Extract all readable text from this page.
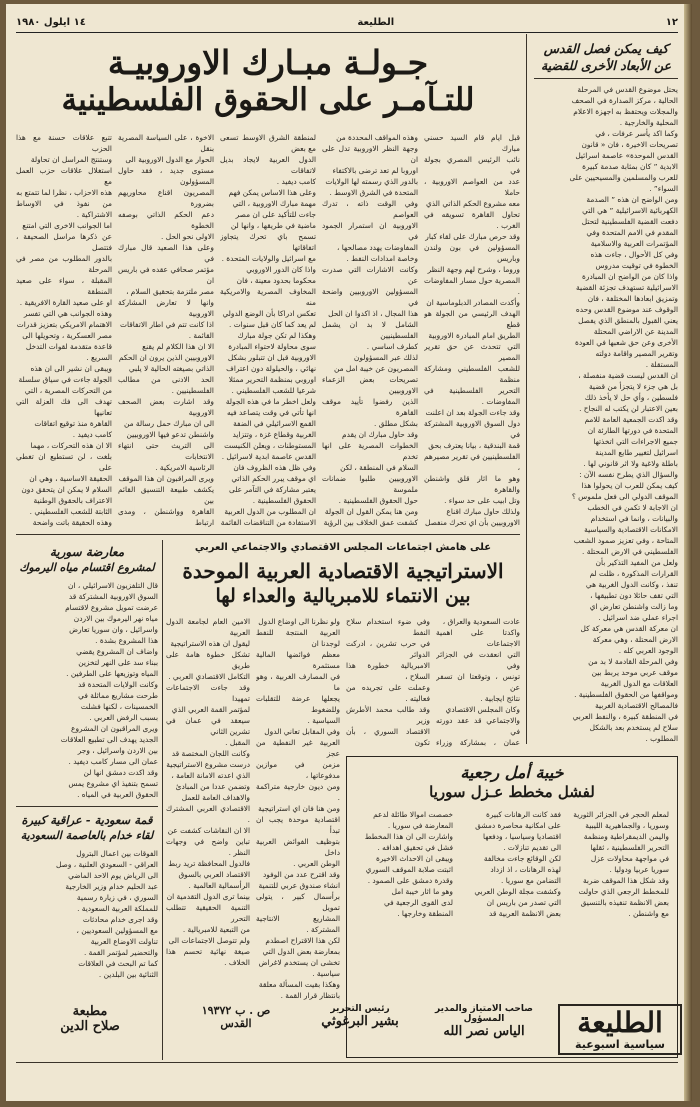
١٢
الطليعة
١٤ ايلول ١٩٨٠
كيف يمكن فصل القدس
عن الأبعاد الأخرى للقضية
يحتل موضوع القدس في المرحلة
الحالية ، مركز الصدارة في الصحف
والمجلات ويحتفظ به اجهزة الاعلام
المحلية والخارجية .
وكما اكد يأسر عرفات ، في
تصريحات الاخيرة ، فان « قانون
القدس الموحدة» عاصمة اسرائيل
الابدية ” كان بمثابة صدمة كبيرة
للعرب والمسلمين والمسيحيين على
السواء” .
ومن الواضح ان هذه ” الصدمة
الكهربائية الاسرائيلية ” هي التي
دفعت القضية الفلسطينية لتحتل
المقدم في الامم المتحدة وفي
المؤتمرات العربية والاسلامية
وفي كل الأحوال ، جاءت هذه
الخطوة في توقيت مدروس
واذا كان من الواضح ان المبادرة
الاسرائيلية تستهدف تجزئة القضية
وتمزيق ابعادها المختلفة ، فان
الوقوف عند موضوع القدس وحده
يعني القبول بالمنطق الذي يفصل
المدينة عن الاراضي المحتلة
الأخرى وعن حق شعبها في العودة
وتقرير المصير واقامة دولته
المستقلة .
ان القدس ليست قضية منفصلة ،
بل هي جزء لا يتجزأ من قضية
فلسطين ، وأي حل لا يأخذ ذلك
بعين الاعتبار لن يكتب له النجاح .
وقد اكدت الجمعية العامة للامم
المتحدة في دورتها الطارئة ان
جميع الاجراءات التي اتخذتها
اسرائيل لتغيير طابع المدينة
باطلة ولاغية ولا اثر قانوني لها .
والسؤال الذي يطرح نفسه الآن :
كيف يمكن للعرب ان يحولوا هذا
الموقف الدولي الى فعل ملموس ؟
ان الاجابة لا تكمن في الخطب
والبيانات ، وانما في استخدام
الامكانات الاقتصادية والسياسية
المتاحة ، وفي تعزيز صمود الشعب
الفلسطيني في الارض المحتلة .
ولعل من المفيد التذكير بأن
القرارات المذكورة ، ظلت لم
تنفذ ، وكانت الدول الغربية هي
التي تقف حائلا دون تطبيقها ،
وما زالت واشنطن تعارض اي
اجراء عملي ضد اسرائيل .
ان معركة القدس هي معركة كل
الارض المحتلة ، وهي معركة
الوجود العربي كله .
وفي المرحلة القادمة لا بد من
موقف عربي موحد يربط بين
العلاقات مع الدول الغربية
ومواقفها من الحقوق الفلسطينية .
فالمصالح الاقتصادية الغربية
في المنطقة كبيرة ، والنفط العربي
سلاح لم يستخدم بعد بالشكل
المطلوب .
جـولـة مبـارك الاوروبيـة
للتـآمـر على الحقوق الفلسطينية
قبل ايام قام السيد حسني مبارك
نائب الرئيس المصري بجولة في
عدد من العواصم الاوروبية ، حاملا
معه مشروع الحكم الذاتي الذي
تحاول القاهرة تسويقه في الغرب .
وقد حرص مبارك على لقاء كبار
المسؤولين في بون ولندن وباريس
وروما ، وشرح لهم وجهة النظر
المصرية حول مسار المفاوضات .
وأكدت المصادر الدبلوماسية ان
الهدف الرئيسي من الجولة هو قطع
الطريق امام المبادرة الاوروبية
التي تتحدث عن حق تقرير المصير
للشعب الفلسطيني ومشاركة منظمة
التحرير الفلسطينية في المفاوضات .
وقد جاءت الجولة بعد ان اعلنت
دول السوق الاوروبية المشتركة في
قمة البندقية ، بيانا يعترف بحق
الفلسطينيين في تقرير مصيرهم ،
وهو ما اثار قلق واشنطن والقاهرة
وتل ابيب على حد سواء .
ولذلك حاول مبارك اقناع
الاوروبيين بأن اي تحرك منفصل
وهذه المواقف المحددة من
وجهة النظر الاوروبية تدل على ان
اوروبا لم تعد ترضى بالاكتفاء
بالدور الذي رسمته لها الولايات
المتحدة في الشرق الاوسط .
وفي الوقت ذاته ، تدرك العواصم
الاوروبية ان استمرار الجمود في
المفاوضات يهدد مصالحها ،
وخاصة امدادات النفط .
وكانت الاشارات التي صدرت عن
المسؤولين الاوروبيين واضحة في
هذا المجال ، اذ اكدوا ان الحل
الشامل لا بد ان يشمل الفلسطينيين
كطرف اساسي .
لذلك عبر المسؤولون
المصريون عن خيبة امل من
تصريحات بعض الزعماء الاوروبيين
الذين رفضوا تأييد موقف القاهرة
بشكل مطلق .
وقد حاول مبارك ان يقدم
الخطوات المصرية على انها تخدم
السلام في المنطقة ، لكن
الاوروبيين طلبوا ضمانات ملموسة
حول الحقوق الفلسطينية .
ومن هنا يمكن القول ان الجولة
كشفت عمق الخلاف بين الرؤية
لمنطقة الشرق الاوسط تسعى مع بعض
الدول العربية لايجاد بديل لاتفاقات
كامب ديفيد .
وعلى هذا الاساس يمكن فهم
مهمة مبارك الاوروبية ، التي
جاءت للتأكيد على ان مصر
ماضية في طريقها ، وانها لن
تسمح باي تحرك يتجاوز اتفاقاتها
مع اسرائيل والولايات المتحدة .
واذا كان الدور الاوروبي
محكوما بحدود معينة ، فان
المخاوف المصرية والامريكية منه
تعكس ادراكا بأن الوضع الدولي
لم يعد كما كان قبل سنوات .
وهكذا لم تكن جولة مبارك
سوى محاولة لاحتواء المبادرة
الاوروبية قبل ان تتبلور بشكل
نهائي ، والحيلولة دون اعتراف
اوروبي بمنظمة التحرير ممثلا
شرعيا للشعب الفلسطيني .
ولعل اخطر ما في هذه الجولة
انها تأتي في وقت يتصاعد فيه
القمع الاسرائيلي في الضفة
الغربية وقطاع غزة ، وتتزايد
المستوطنات ، ويعلن الكنيست
القدس عاصمة ابدية لاسرائيل .
وفي ظل هذه الظروف فان
اي موقف يبرر الحكم الذاتي
يعتبر مشاركة في التآمر على
الحقوق الفلسطينية .
ان المطلوب من الدول العربية
الاستفادة من التناقضات القائمة
الاخوة ، على السياسة المصرية بنقل
الحوار مع الدول الاوروبية الى
مستوى جديد ، فقد حاول المسؤولون
المصريون اقناع محاوريهم بضرورة
دعم الحكم الذاتي بوصفه الخطوة
الاولى نحو الحل .
وعلى هذا الصعيد قال مبارك في
مؤتمر صحافي عقده في باريس ان
مصر ملتزمة بتحقيق السلام ،
وانها لا تعارض المشاركة الاوروبية
اذا كانت تتم في اطار الاتفاقات
القائمة .
الا ان هذا الكلام لم يقنع
الاوروبيين الذين يرون ان الحكم
الذاتي بصيغته الحالية لا يلبي
الحد الادنى من مطالب الفلسطينيين .
وقد اشارت بعض الصحف الاوروبية
الى ان مبارك حمل رسالة من
واشنطن تدعو فيها الاوروبيين
الى التريث حتى انتهاء الانتخابات
الرئاسية الامريكية .
ويرى المراقبون ان هذا الموقف
يكشف طبيعة التنسيق القائم بين
القاهرة وواشنطن ، ومدى ارتباط
تتبع علاقات حسنة مع هذا الحزب
وستنتج المراسل ان تحاولة
استغلال علاقات حزب العمل مع
هذه الاحزاب ، نظرا لما تتمتع به
من نفوذ في الاوساط الاشتراكية .
اما الجوانب الاخرى التي امتنع
عن ذكرها مراسل الصحيفة ، فتتصل
بالدور المطلوب من مصر في المرحلة
المقبلة ، سواء على صعيد المنطقة
او على صعيد القارة الافريقية .
وهذه الجوانب هي التي تفسر
الاهتمام الامريكي بتعزيز قدرات
مصر العسكرية ، وتحويلها الى
قاعدة متقدمة لقوات التدخل
السريع .
ويبقى ان نشير الى ان هذه
الجولة جاءت في سياق سلسلة
من التحركات المصرية ، التي
تهدف الى فك العزلة التي تعانيها
القاهرة منذ توقيع اتفاقات
كامب ديفيد .
الا ان هذه التحركات ، مهما
بلغت ، لن تستطيع ان تغطي على
الحقيقة الاساسية ، وهي ان
السلام لا يمكن ان يتحقق دون
الاعتراف بالحقوق الوطنية
الثابتة للشعب الفلسطيني .
وهذه الحقيقة باتت واضحة
على هامش اجتماعات المجلس الاقتصادي والاجتماعي العربي
الاستراتيجية الاقتصادية العربية الموحدة
بين الانتماء للامبريالية والعداء لها
عادت السعودية والعراق ،
واكدتا على اهمية الاجتماعات
التي انعقدت في الجزائر وفي
تونس ، وتوقعتا ان تسفر عن
نتائج ايجابية .
وكان المجلس الاقتصادي
والاجتماعي قد عقد دورته في
عمان ، بمشاركة وزراء
وفي ضوء استخدام سلاح النفط
في حرب تشرين ، ادركت الدوائر
الامبريالية خطورة هذا السلاح ،
وعملت على تجريده من فعاليته .
وقد طالب محمد الأطرش وزير
الاقتصاد السوري ، بأن تكون
ولو نظرنا الى اوضاع الدول
العربية المنتجة للنفط لوجدنا ان
معظم فوائضها المالية مستثمرة
في المصارف الغربية ، وهو ما
يجعلها عرضة للتقلبات وللضغوط
السياسية .
وفي المقابل تعاني الدول
العربية غير النفطية من عجز
مزمن في موازين مدفوعاتها ،
ومن ديون خارجية متراكمة .
ومن هنا فان اي استراتيجية
اقتصادية موحدة يجب ان تبدأ
بتوظيف الفوائض العربية داخل
الوطن العربي .
وقد اقترح عدد من الوفود
انشاء صندوق عربي للتنمية
برأسمال كبير ، يتولى تمويل
المشاريع الانتاجية المشتركة .
لكن هذا الاقتراح اصطدم
بمعارضة بعض الدول التي
تخشى ان يستخدم لاغراض
سياسية .
وهكذا بقيت المسألة معلقة
بانتظار قرار القمة .
الامين العام لجامعة الدول العربية
ليقول ان هذه الاستراتيجية
تشكل خطوة هامة على طريق
التكامل الاقتصادي العربي .
وقد جاءت الاجتماعات تمهيدا
لمؤتمر القمة العربي الذي
سيعقد في عمان في تشرين الثاني
المقبل .
وكانت اللجان المختصة قد
درست مشروع الاستراتيجية
الذي اعدته الامانة العامة ،
وتضمن عددا من المبادئ
والاهداف العامة للعمل
الاقتصادي العربي المشترك .
الا ان النقاشات كشفت عن
تباين واضح في وجهات النظر .
فالدول المحافظة تريد ربط
الاقتصاد العربي بالسوق
الرأسمالية العالمية .
بينما ترى الدول التقدمية ان
التنمية الحقيقية تتطلب التحرر
من التبعية للامبريالية .
ولم تتوصل الاجتماعات الى
صيغة نهائية تحسم هذا الخلاف .
خيبة أمل رجعية
لفشل مخطط عـزل سوريا
لمعلم الحجر في الجزائر الثورية
وسوريا ، والجماهيرية الليبية
واليمن الديمقراطية ومنظمة
التحرير الفلسطينية ، ثقلها
في مواجهة محاولات عزل
سوريا عربيا ودوليا .
وقد شكل هذا الموقف ضربة
للمخطط الرجعي الذي حاولت
بعض الانظمة تنفيذه بالتنسيق
مع واشنطن .
فقد كانت الرهانات كبيرة
على امكانية محاصرة دمشق
اقتصاديا وسياسيا ، ودفعها
الى تقديم تنازلات .
لكن الوقائع جاءت مخالفة
لهذه الرهانات ، اذ ازداد
التضامن مع سوريا .
وكشفت مجلة الوطن العربي
التي تصدر من باريس ان
بعض الانظمة العربية قد
خصصت اموالا طائلة لدعم
المعارضة في سوريا .
واشارت الى ان هذا المخطط
فشل في تحقيق اهدافه .
ويبقى ان الاحداث الاخيرة
اثبتت صلابة الموقف السوري
وقدرة دمشق على الصمود .
وهو ما اثار خيبة امل
لدى القوى الرجعية في
المنطقة وخارجها .
معارضة سورية
لمشروع اقتسام مياه اليرموك
قال التلفزيون الاسرائيلي ، ان
السوق الاوروبية المشتركة قد
عرضت تمويل مشروع لاقتسام
مياه نهر اليرموك بين الاردن
واسرائيل ، وان سوريا تعارض
هذا المشروع بشدة .
واضاف ان المشروع يقضي
ببناء سد على النهر لتخزين
المياه وتوزيعها على الطرفين .
وكانت الولايات المتحدة قد
طرحت مشاريع مماثلة في
الخمسينات ، لكنها فشلت
بسبب الرفض العربي .
ويرى المراقبون ان المشروع
الجديد يهدف الى تطبيع العلاقات
بين الاردن واسرائيل ، وجر
عمان الى مسار كامب ديفيد .
وقد اكدت دمشق انها لن
تسمح بتنفيذ اي مشروع يمس
الحقوق العربية في المياه .
قمة سعودية - عراقية كبيرة
لقاء خدام بالعاصمة السعودية
الفوقات بين اعمال البترول
العراقي - السعودي العلنية ، وصل
الى الرياض يوم الاحد الماضي
عبد الحليم خدام وزير الخارجية
السوري ، في زيارة رسمية
للمملكة العربية السعودية .
وقد اجرى خدام محادثات
مع المسؤولين السعوديين ،
تناولت الاوضاع العربية
والتحضير لمؤتمر القمة .
كما تم البحث في العلاقات
الثنائية بين البلدين .
الطليعة
سياسية اسبوعية
صاحب الامتياز والمدير المسؤول
الياس نصر الله
رئيس التحرير
بشير البرغوثي
ص . ب ١٩٣٧٢
القدس
مطبعة
صلاح الدين
